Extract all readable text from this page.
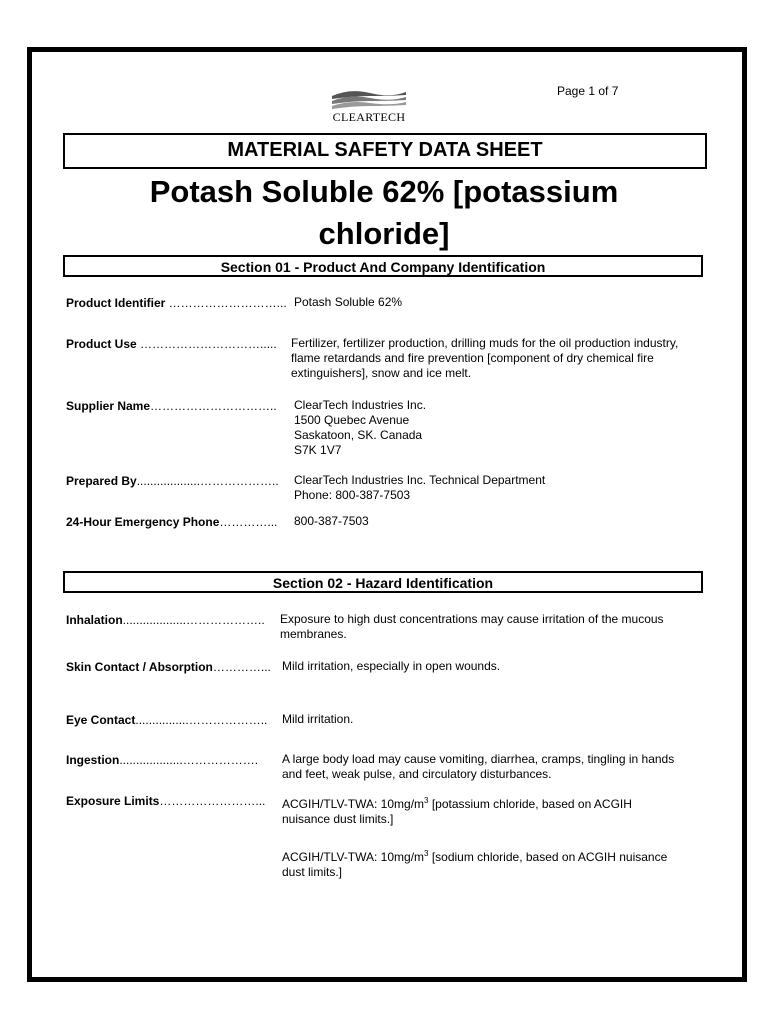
Page 1 of 7
CLEARTECH
MATERIAL SAFETY DATA SHEET
Potash Soluble 62% [potassium
chloride]
Section 01 - Product And Company Identification
Product Identifier ………………………... Potash Soluble 62%
Product Use …………………………..... Fertilizer, fertilizer production, drilling muds for the oil production industry,
flame retardands and fire prevention [component of dry chemical fire
extinguishers], snow and ice melt.
Supplier Name………………………….. ClearTech Industries Inc.
1500 Quebec Avenue
Saskatoon, SK. Canada
S7K 1V7
Prepared By...................……………….. ClearTech Industries Inc. Technical Department
Phone: 800-387-7503
24-Hour Emergency Phone…………... 800-387-7503
Section 02 - Hazard Identification
Inhalation...................……………….. Exposure to high dust concentrations may cause irritation of the mucous
membranes.
Skin Contact / Absorption…………... Mild irritation, especially in open wounds.
Eye Contact................……………….. Mild irritation.
Ingestion...................………………. A large body load may cause vomiting, diarrhea, cramps, tingling in hands
and feet, weak pulse, and circulatory disturbances.
Exposure Limits……………………... ACGIH/TLV-TWA: $10mg/m^3$ [potassium chloride, based on ACGIH
nuisance dust limits.]
ACGIH/TLV-TWA: $10mg/m^3$ [sodium chloride, based on ACGIH nuisance
dust limits.]
